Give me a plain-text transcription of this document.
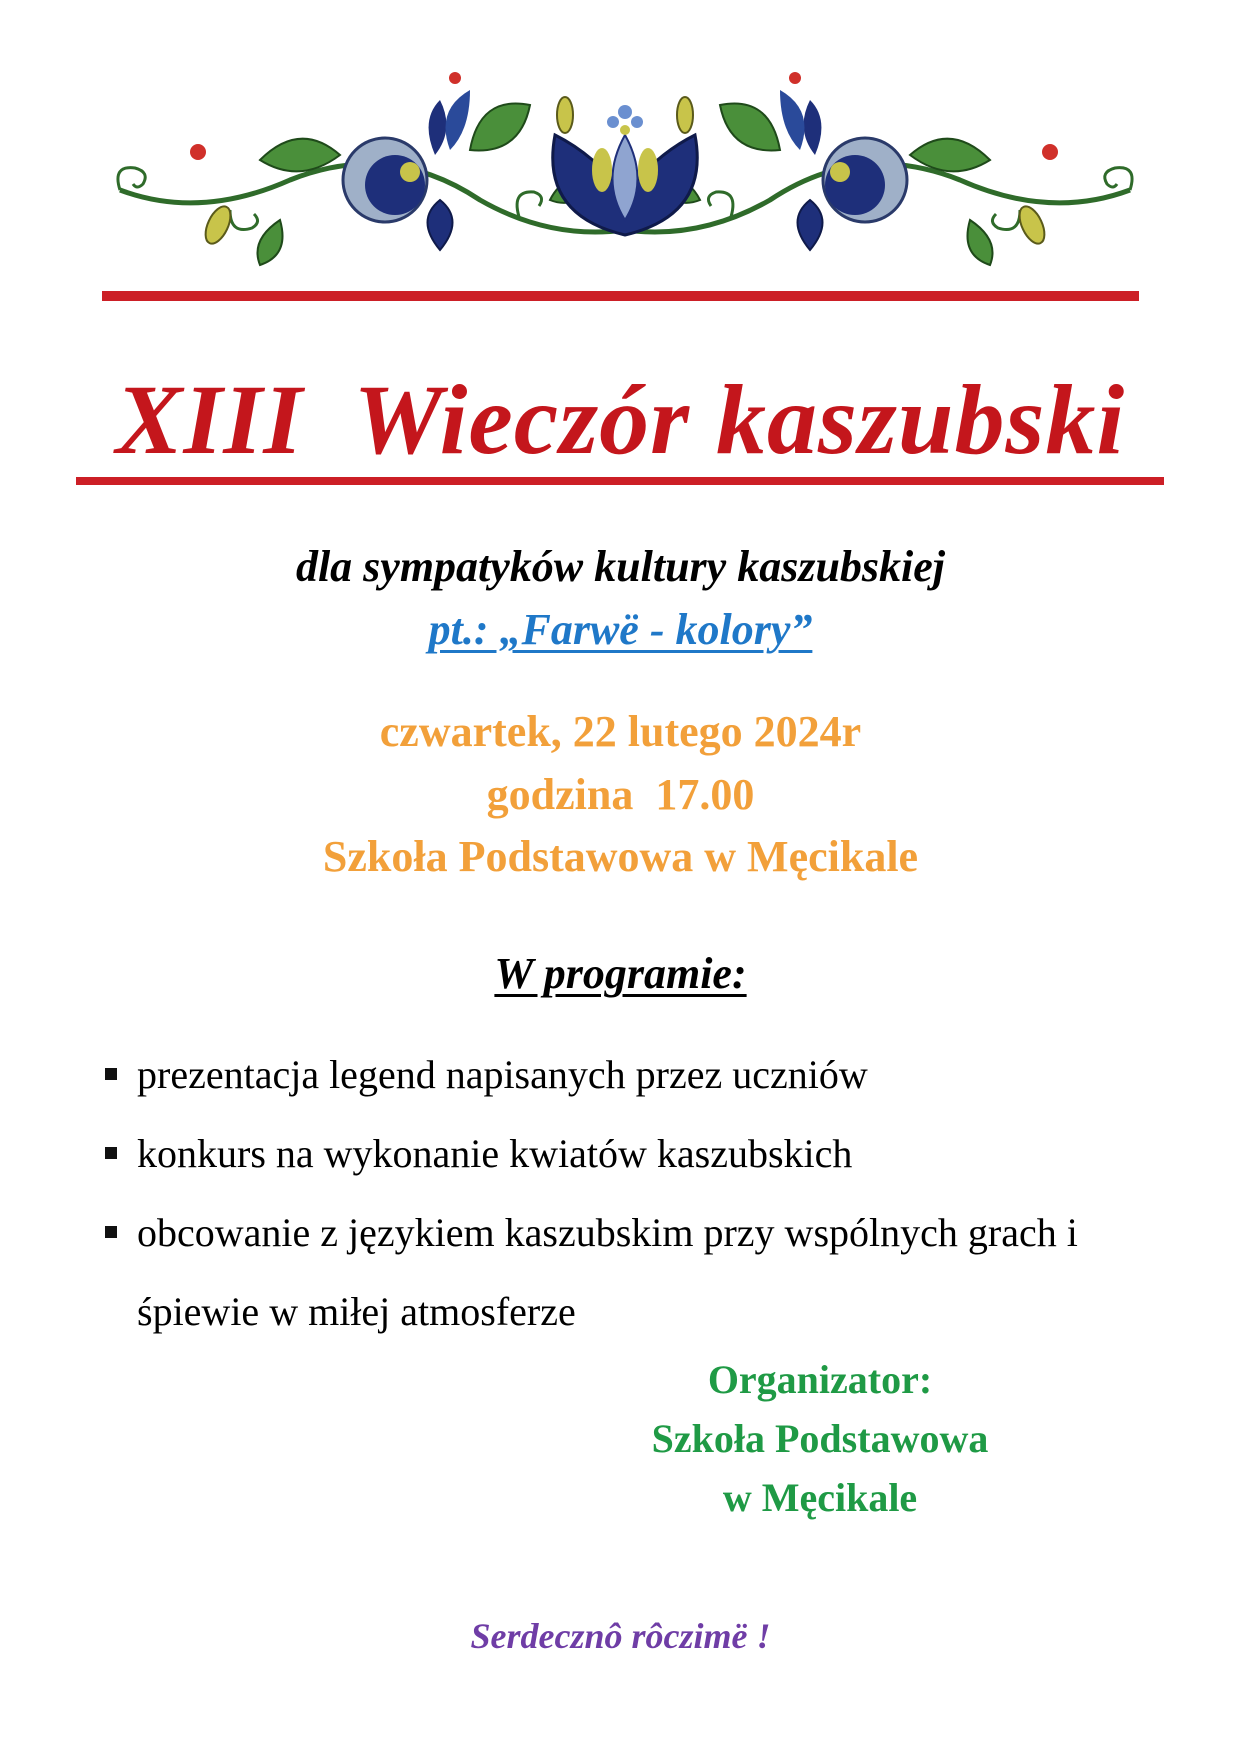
XIII  Wieczór kaszubski
dla sympatyków kultury kaszubskiej
pt.: „Farwë - kolory”
czwartek, 22 lutego 2024r
godzina  17.00
Szkoła Podstawowa w Męcikale
W programie:
prezentacja legend napisanych przez uczniów
konkurs na wykonanie kwiatów kaszubskich
obcowanie z językiem kaszubskim przy wspólnych grach i śpiewie w miłej atmosferze
Organizator:
Szkoła Podstawowa
w Męcikale
Serdecznô rôczimë !
